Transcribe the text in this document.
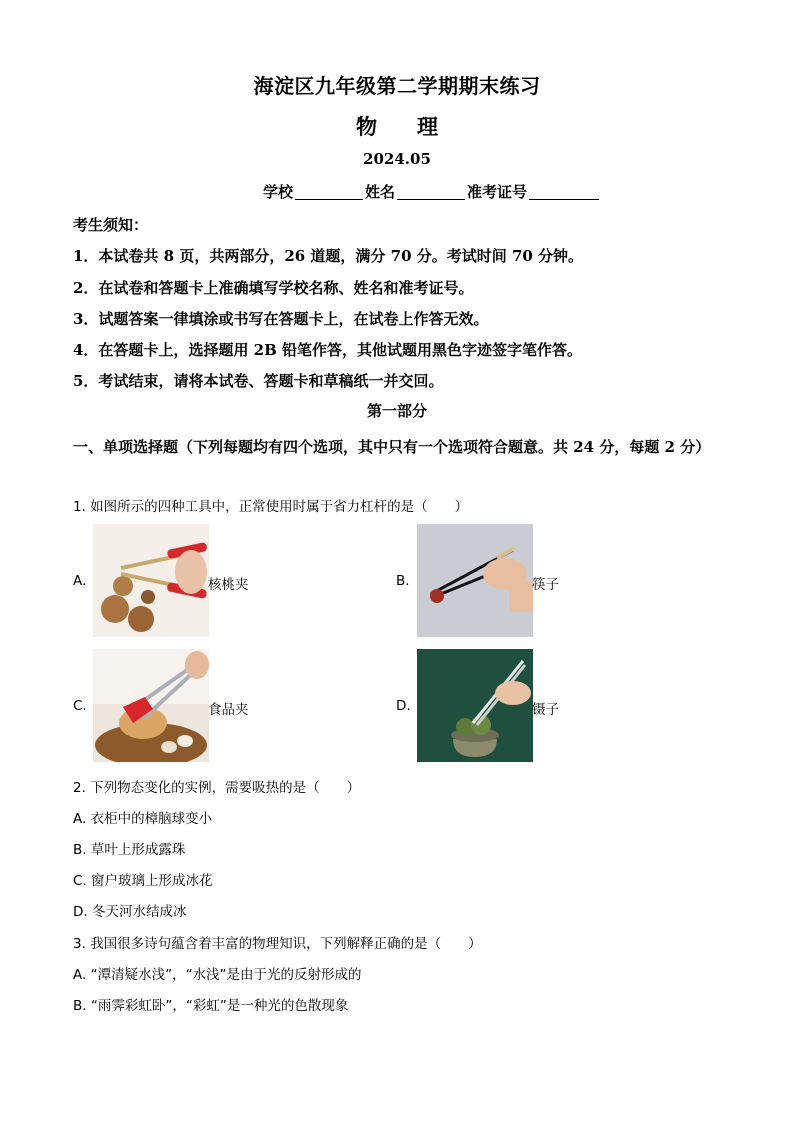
海淀区九年级第二学期期末练习
物 理
2024.05
学校	姓名	准考证号
考生须知：
1．本试卷共 8 页，共两部分，26 道题，满分 70 分。考试时间 70 分钟。
2．在试卷和答题卡上准确填写学校名称、姓名和准考证号。
3．试题答案一律填涂或书写在答题卡上，在试卷上作答无效。
4．在答题卡上，选择题用 2B 铅笔作答，其他试题用黑色字迹签字笔作答。
5．考试结束，请将本试卷、答题卡和草稿纸一并交回。
第一部分
一、单项选择题（下列每题均有四个选项，其中只有一个选项符合题意。共 24 分，每题 2 分）
1. 如图所示的四种工具中，正常使用时属于省力杠杆的是（　　）
A.	核桃夹	B.	筷子
C.	食品夹	D.	镊子
2. 下列物态变化的实例，需要吸热的是（　　）
A. 衣柜中的樟脑球变小
B. 草叶上形成露珠
C. 窗户玻璃上形成冰花
D. 冬天河水结成冰
3. 我国很多诗句蕴含着丰富的物理知识，下列解释正确的是（　　）
A. “潭清疑水浅”，“水浅”是由于光的反射形成的
B. “雨霁彩虹卧”，“彩虹”是一种光的色散现象
